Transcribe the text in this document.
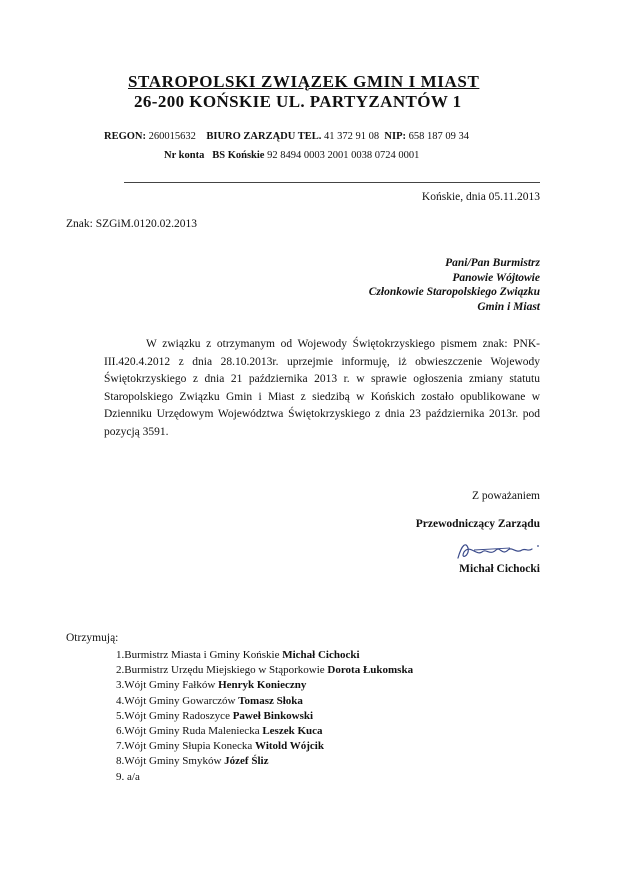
STAROPOLSKI ZWIĄZEK GMIN I MIAST
26-200 KOŃSKIE UL. PARTYZANTÓW 1
REGON: 260015632 BIURO ZARZĄDU TEL. 41 372 91 08 NIP: 658 187 09 34
Nr konta BS Końskie 92 8494 0003 2001 0038 0724 0001
Końskie, dnia 05.11.2013
Znak: SZGiM.0120.02.2013
Pani/Pan Burmistrz
Panowie Wójtowie
Członkowie Staropolskiego Związku
Gmin i Miast

W związku z otrzymanym od Wojewody Świętokrzyskiego pismem znak: PNK-III.420.4.2012 z dnia 28.10.2013r. uprzejmie informuję, iż obwieszczenie Wojewody Świętokrzyskiego z dnia 21 października 2013 r. w sprawie ogłoszenia zmiany statutu Staropolskiego Związku Gmin i Miast z siedzibą w Końskich zostało opublikowane w Dzienniku Urzędowym Województwa Świętokrzyskiego z dnia 23 października 2013r. pod pozycją 3591.

Z poważaniem
Przewodniczący Zarządu
Michał Cichocki
Otrzymują:
1.Burmistrz Miasta i Gminy Końskie Michał Cichocki
2.Burmistrz Urzędu Miejskiego w Stąporkowie Dorota Łukomska
3.Wójt Gminy Fałków Henryk Konieczny
4.Wójt Gminy Gowarczów Tomasz Słoka
5.Wójt Gminy Radoszyce Paweł Binkowski
6.Wójt Gminy Ruda Maleniecka Leszek Kuca
7.Wójt Gminy Słupia Konecka Witold Wójcik
8.Wójt Gminy Smyków Józef Śliz
9. a/a
